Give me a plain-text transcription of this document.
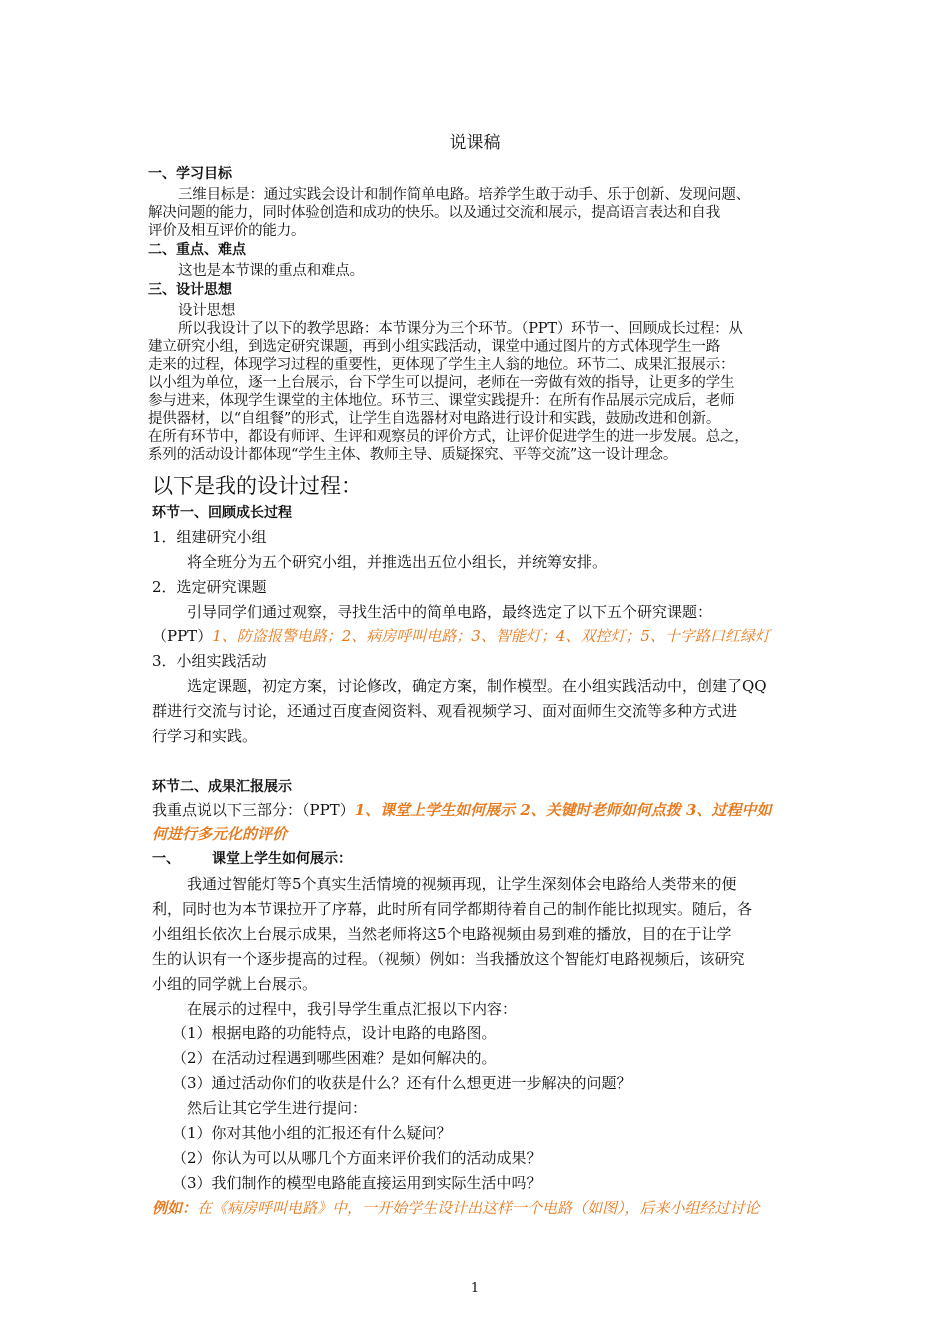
说课稿
一、学习目标
三维目标是：通过实践会设计和制作简单电路。培养学生敢于动手、乐于创新、发现问题、
解决问题的能力，同时体验创造和成功的快乐。以及通过交流和展示，提高语言表达和自我
评价及相互评价的能力。
二、重点、难点
这也是本节课的重点和难点。
三、设计思想
设计思想
所以我设计了以下的教学思路：本节课分为三个环节。（PPT）环节一、回顾成长过程：从
建立研究小组，到选定研究课题，再到小组实践活动，课堂中通过图片的方式体现学生一路
走来的过程，体现学习过程的重要性，更体现了学生主人翁的地位。环节二、成果汇报展示：
以小组为单位，逐一上台展示，台下学生可以提问，老师在一旁做有效的指导，让更多的学生
参与进来，体现学生课堂的主体地位。环节三、课堂实践提升：在所有作品展示完成后，老师
提供器材，以“自组餐”的形式，让学生自选器材对电路进行设计和实践，鼓励改进和创新。
在所有环节中，都设有师评、生评和观察员的评价方式，让评价促进学生的进一步发展。总之，
系列的活动设计都体现“学生主体、教师主导、质疑探究、平等交流”这一设计理念。
以下是我的设计过程：
环节一、回顾成长过程
1．组建研究小组
将全班分为五个研究小组，并推选出五位小组长，并统筹安排。
2．选定研究课题
引导同学们通过观察，寻找生活中的简单电路，最终选定了以下五个研究课题：
（PPT）1、防盗报警电路；2、病房呼叫电路；3、智能灯；4、双控灯；5、十字路口红绿灯
3．小组实践活动
选定课题，初定方案，讨论修改，确定方案，制作模型。在小组实践活动中，创建了QQ
群进行交流与讨论，还通过百度查阅资料、观看视频学习、面对面师生交流等多种方式进
行学习和实践。
环节二、成果汇报展示
我重点说以下三部分：（PPT）1、课堂上学生如何展示 2、关键时老师如何点拨 3、过程中如
何进行多元化的评价
一、 课堂上学生如何展示：
我通过智能灯等5个真实生活情境的视频再现，让学生深刻体会电路给人类带来的便
利，同时也为本节课拉开了序幕，此时所有同学都期待着自己的制作能比拟现实。随后，各
小组组长依次上台展示成果，当然老师将这5个电路视频由易到难的播放，目的在于让学
生的认识有一个逐步提高的过程。（视频）例如：当我播放这个智能灯电路视频后，该研究
小组的同学就上台展示。
在展示的过程中，我引导学生重点汇报以下内容：
（1）根据电路的功能特点，设计电路的电路图。
（2）在活动过程遇到哪些困难？是如何解决的。
（3）通过活动你们的收获是什么？还有什么想更进一步解决的问题？
然后让其它学生进行提问：
（1）你对其他小组的汇报还有什么疑问？
（2）你认为可以从哪几个方面来评价我们的活动成果？
（3）我们制作的模型电路能直接运用到实际生活中吗？
例如：在《病房呼叫电路》中，一开始学生设计出这样一个电路（如图），后来小组经过讨论
1
